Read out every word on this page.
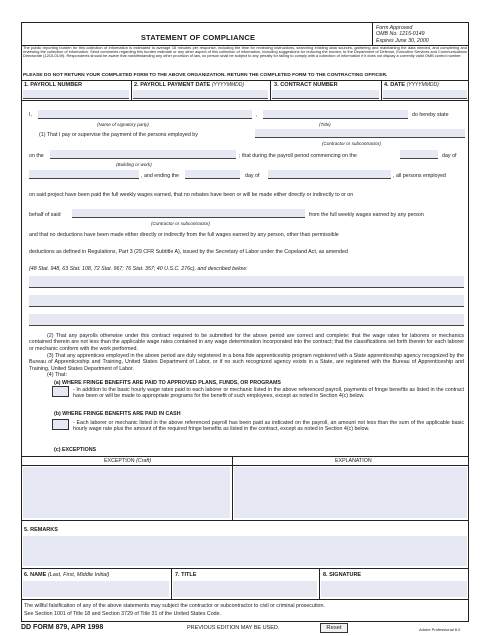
STATEMENT OF COMPLIANCE
Form Approved
OMB No. 1215-0149
Expires June 30, 2000
The public reporting burden for this collection of information is estimated to average 16 minutes per response, including the time for reviewing instructions, searching existing data sources, gathering and maintaining the data needed, and completing and reviewing the collection of information. Send comments regarding this burden estimate or any other aspect of this collection of information, including suggestions for reducing the burden, to the Department of Defense, Executive Services and Communications Directorate (1215-0149). Respondents should be aware that notwithstanding any other provision of law, no person shall be subject to any penalty for failing to comply with a collection of information if it does not display a currently valid OMB control number.
PLEASE DO NOT RETURN YOUR COMPLETED FORM TO THE ABOVE ORGANIZATION. RETURN THE COMPLETED FORM TO THE CONTRACTING OFFICER.
1. PAYROLL NUMBER	2. PAYROLL PAYMENT DATE (YYYYMMDD)	3. CONTRACT NUMBER	4. DATE (YYYYMMDD)
I,	,	do hereby state
(Name of signatory party)	(Title)
(1) That I pay or supervise the payment of the persons employed by
(Contractor or subcontractor)
on the	; that during the payroll period commencing on the	day of
(Building or work)
, and ending the	day of	, all persons employed
on said project have been paid the full weekly wages earned, that no rebates have been or will be made either directly or indirectly to or on
behalf of said	from the full weekly wages earned by any person
(Contractor or subcontractor)
and that no deductions have been made either directly or indirectly from the full wages earned by any person, other than permissible
deductions as defined in Regulations, Part 3 (29 CFR Subtitle A), issued by the Secretary of Labor under the Copeland Act, as amended
(48 Stat. 948, 63 Stat. 108, 72 Stat. 967; 76 Stat. 357; 40 U.S.C. 276c), and described below:
(2) That any payrolls otherwise under this contract required to be submitted for the above period are correct and complete; that the wage rates for laborers or mechanics contained therein are not less than the applicable wage rates contained in any wage determination incorporated into the contract; that the classifications set forth therein for each laborer or mechanic conform with the work performed.
(3) That any apprentices employed in the above period are duly registered in a bona fide apprenticeship program registered with a State apprenticeship agency recognized by the Bureau of Apprenticeship and Training, United States Department of Labor, or if no such recognized agency exists in a State, are registered with the Bureau of Apprenticeship and Training, United States Department of Labor.
(4) That:
(a) WHERE FRINGE BENEFITS ARE PAID TO APPROVED PLANS, FUNDS, OR PROGRAMS
- In addition to the basic hourly wage rates paid to each laborer or mechanic listed in the above referenced payroll, payments of fringe benefits as listed in the contract have been or will be made to appropriate programs for the benefit of such employees, except as noted in Section 4(c) below.
(b) WHERE FRINGE BENEFITS ARE PAID IN CASH
- Each laborer or mechanic listed in the above referenced payroll has been paid as indicated on the payroll, an amount not less than the sum of the applicable basic hourly wage rate plus the amount of the required fringe benefits as listed in the contract, except as noted in Section 4(c) below.
(c) EXCEPTIONS
EXCEPTION (Craft)	EXPLANATION
5. REMARKS
6. NAME (Last, First, Middle Initial)	7. TITLE	8. SIGNATURE
The willful falsification of any of the above statements may subject the contractor or subcontractor to civil or criminal prosecution.
See Section 1001 of Title 18 and Section 3729 of Title 31 of the United States Code.
DD FORM 879, APR 1998	PREVIOUS EDITION MAY BE USED.	Reset	Adobe Professional 8.0
